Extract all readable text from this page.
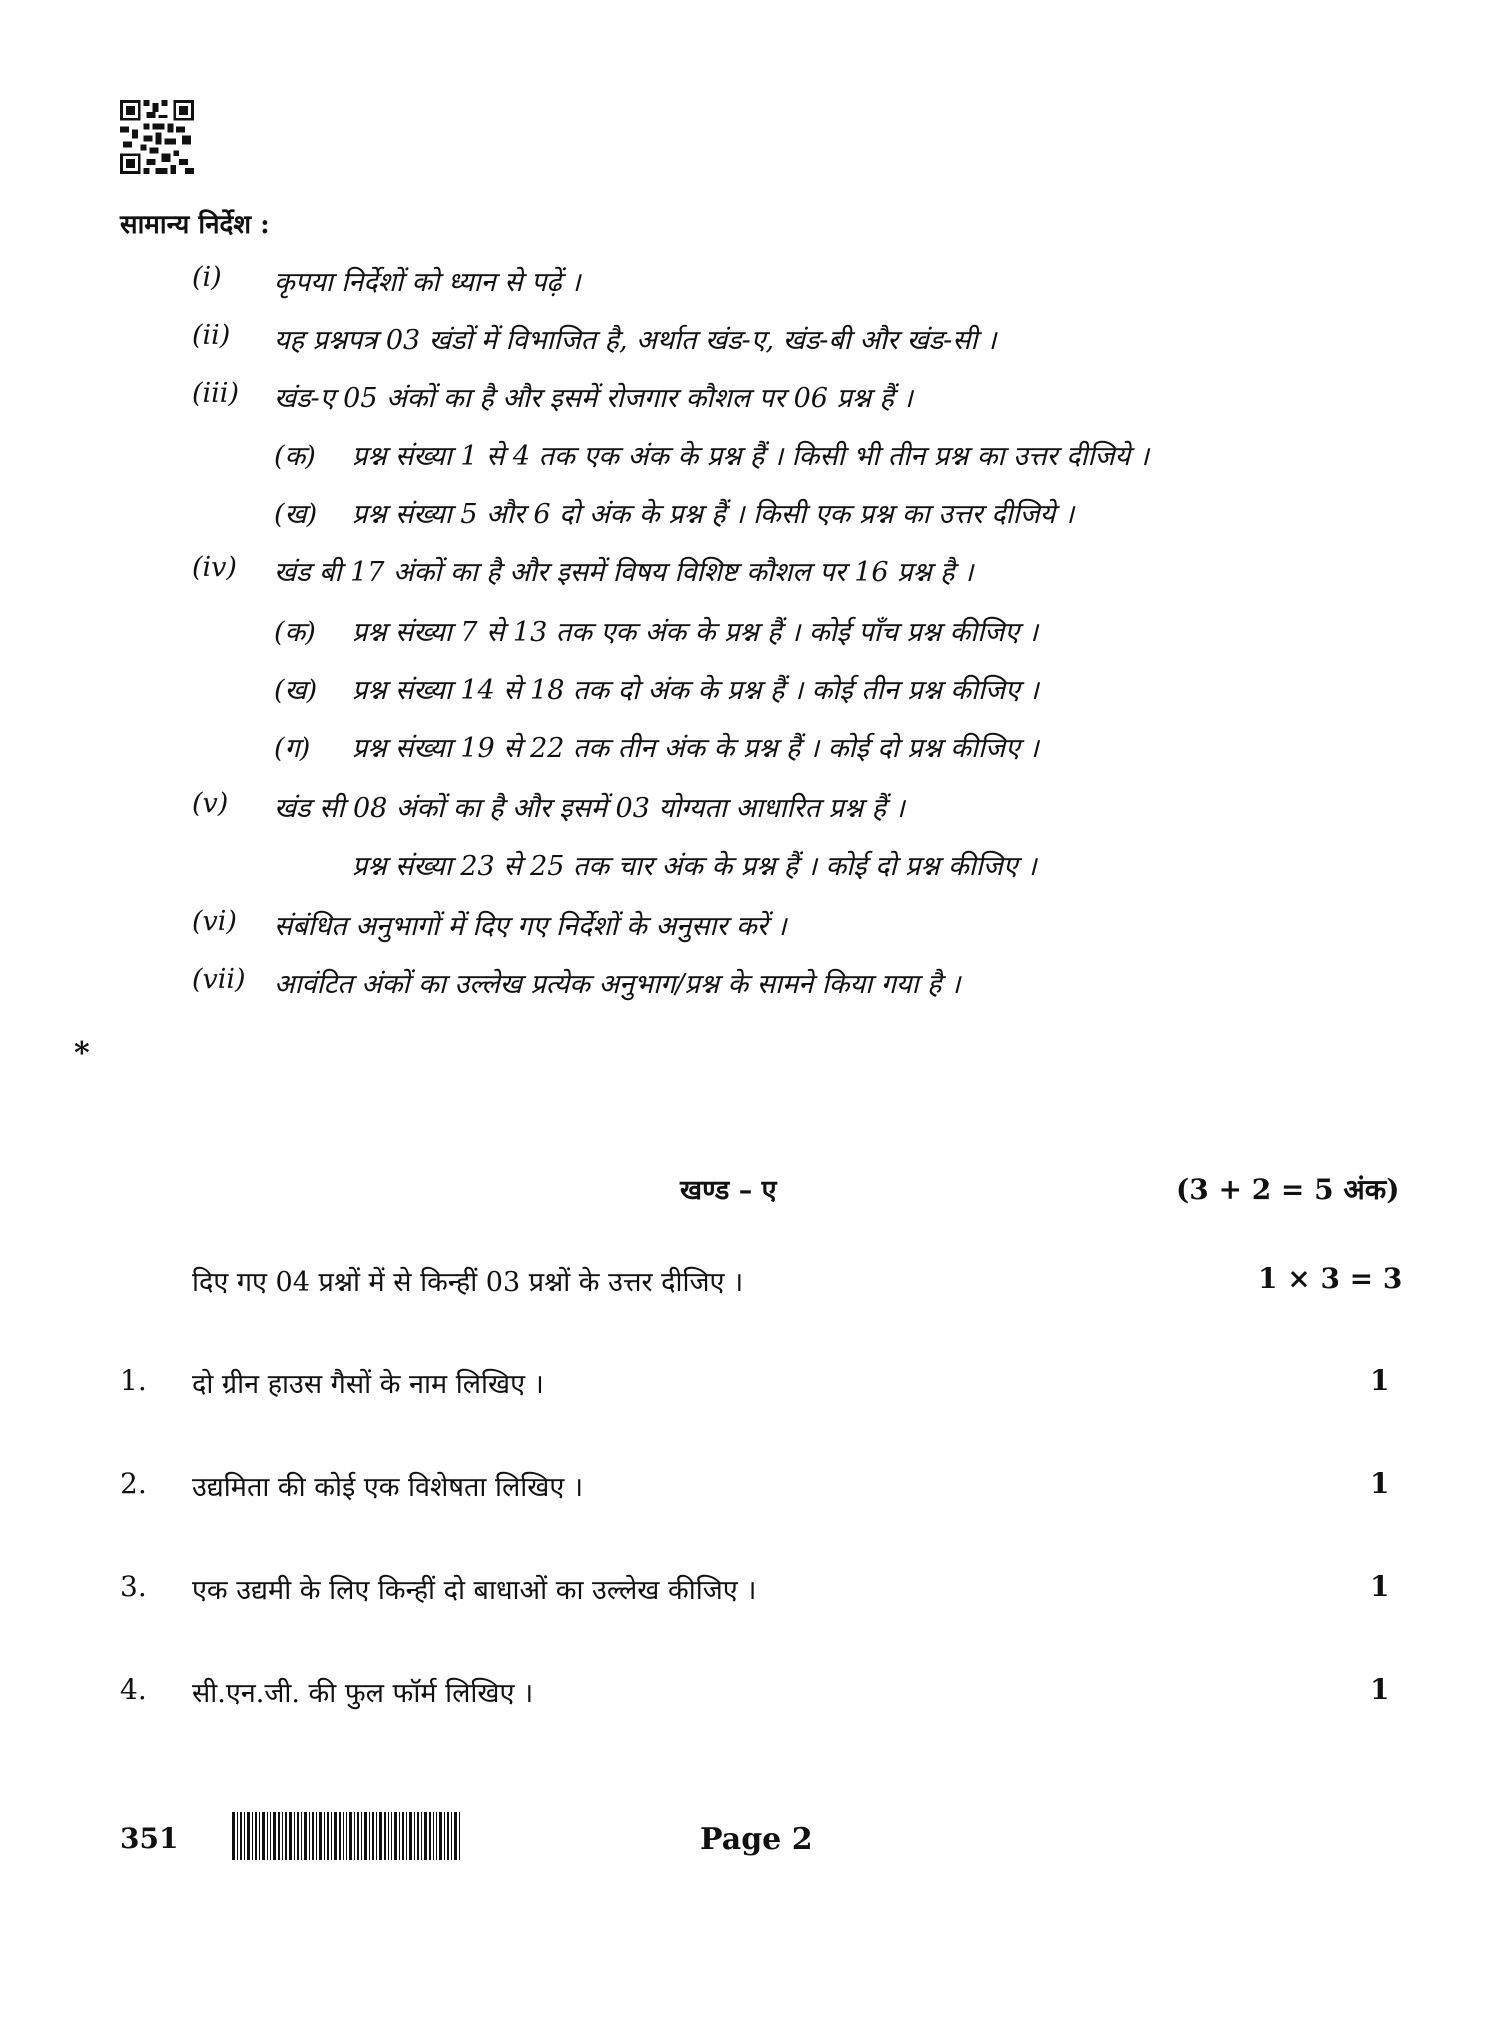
सामान्य निर्देश :
(i) कृपया निर्देशों को ध्यान से पढ़ें ।
(ii) यह प्रश्नपत्र 03 खंडों में विभाजित है, अर्थात खंड-ए, खंड-बी और खंड-सी ।
(iii) खंड-ए 05 अंकों का है और इसमें रोजगार कौशल पर 06 प्रश्न हैं ।
(क) प्रश्न संख्या 1 से 4 तक एक अंक के प्रश्न हैं । किसी भी तीन प्रश्न का उत्तर दीजिये ।
(ख) प्रश्न संख्या 5 और 6 दो अंक के प्रश्न हैं । किसी एक प्रश्न का उत्तर दीजिये ।
(iv) खंड बी 17 अंकों का है और इसमें विषय विशिष्ट कौशल पर 16 प्रश्न है ।
(क) प्रश्न संख्या 7 से 13 तक एक अंक के प्रश्न हैं । कोई पाँच प्रश्न कीजिए ।
(ख) प्रश्न संख्या 14 से 18 तक दो अंक के प्रश्न हैं । कोई तीन प्रश्न कीजिए ।
(ग) प्रश्न संख्या 19 से 22 तक तीन अंक के प्रश्न हैं । कोई दो प्रश्न कीजिए ।
(v) खंड सी 08 अंकों का है और इसमें 03 योग्यता आधारित प्रश्न हैं ।
प्रश्न संख्या 23 से 25 तक चार अंक के प्रश्न हैं । कोई दो प्रश्न कीजिए ।
(vi) संबंधित अनुभागों में दिए गए निर्देशों के अनुसार करें ।
(vii) आवंटित अंकों का उल्लेख प्रत्येक अनुभाग/प्रश्न के सामने किया गया है ।
*
खण्ड – ए	(3 + 2 = 5 अंक)
दिए गए 04 प्रश्नों में से किन्हीं 03 प्रश्नों के उत्तर दीजिए ।	1 × 3 = 3
1. दो ग्रीन हाउस गैसों के नाम लिखिए ।	1
2. उद्यमिता की कोई एक विशेषता लिखिए ।	1
3. एक उद्यमी के लिए किन्हीं दो बाधाओं का उल्लेख कीजिए ।	1
4. सी.एन.जी. की फुल फॉर्म लिखिए ।	1
351	Page 2
